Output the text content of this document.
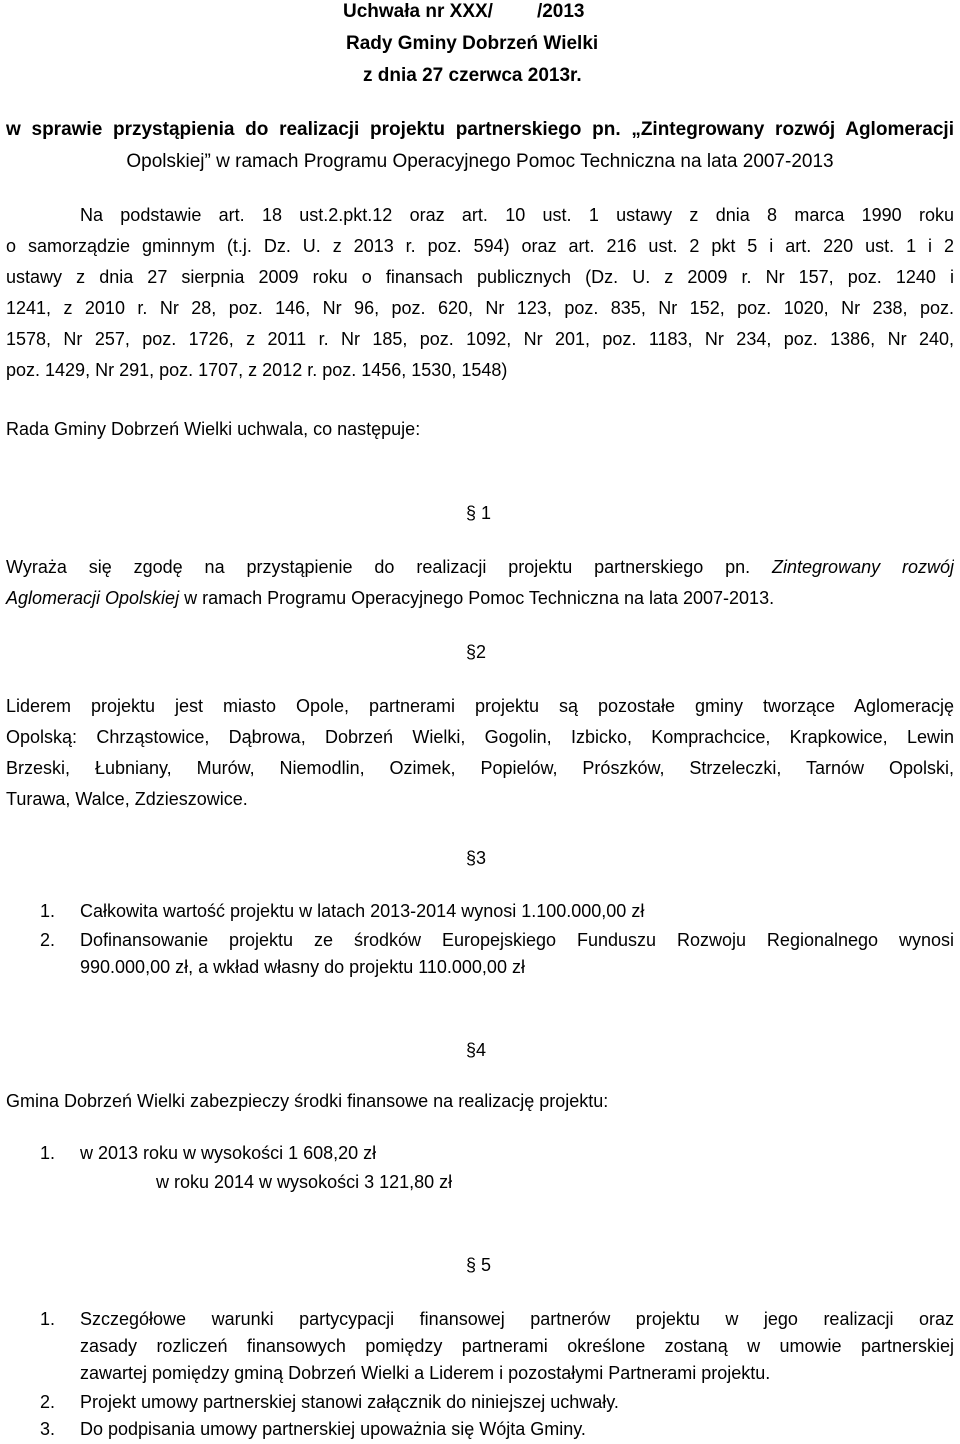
Uchwała nr XXX/ /2013
Rady Gminy Dobrzeń Wielki
z dnia 27 czerwca 2013r.
w sprawie przystąpienia do realizacji projektu partnerskiego pn. „Zintegrowany rozwój Aglomeracji
Opolskiej” w ramach Programu Operacyjnego Pomoc Techniczna na lata 2007-2013
Na podstawie art. 18 ust.2.pkt.12 oraz art. 10 ust. 1 ustawy z dnia 8 marca 1990 roku
o samorządzie gminnym (t.j. Dz. U. z 2013 r. poz. 594) oraz art. 216 ust. 2 pkt 5 i art. 220 ust. 1 i 2
ustawy z dnia 27 sierpnia 2009 roku o finansach publicznych (Dz. U. z 2009 r. Nr 157, poz. 1240 i
1241, z 2010 r. Nr 28, poz. 146, Nr 96, poz. 620, Nr 123, poz. 835, Nr 152, poz. 1020, Nr 238, poz.
1578, Nr 257, poz. 1726, z 2011 r. Nr 185, poz. 1092, Nr 201, poz. 1183, Nr 234, poz. 1386, Nr 240,
poz. 1429, Nr 291, poz. 1707, z 2012 r. poz. 1456, 1530, 1548)
Rada Gminy Dobrzeń Wielki uchwala, co następuje:
§ 1
Wyraża się zgodę na przystąpienie do realizacji projektu partnerskiego pn. Zintegrowany rozwój
Aglomeracji Opolskiej w ramach Programu Operacyjnego Pomoc Techniczna na lata 2007-2013.
§2
Liderem projektu jest miasto Opole, partnerami projektu są pozostałe gminy tworzące Aglomerację
Opolską: Chrząstowice, Dąbrowa, Dobrzeń Wielki, Gogolin, Izbicko, Komprachcice, Krapkowice, Lewin
Brzeski, Łubniany, Murów, Niemodlin, Ozimek, Popielów, Prószków, Strzeleczki, Tarnów Opolski,
Turawa, Walce, Zdzieszowice.
§3
1. Całkowita wartość projektu w latach 2013-2014 wynosi 1.100.000,00 zł
2. Dofinansowanie projektu ze środków Europejskiego Funduszu Rozwoju Regionalnego wynosi
990.000,00 zł, a wkład własny do projektu 110.000,00 zł
§4
Gmina Dobrzeń Wielki zabezpieczy środki finansowe na realizację projektu:
1. w 2013 roku w wysokości 1 608,20 zł
w roku 2014 w wysokości 3 121,80 zł
§ 5
1. Szczegółowe warunki partycypacji finansowej partnerów projektu w jego realizacji oraz
zasady rozliczeń finansowych pomiędzy partnerami określone zostaną w umowie partnerskiej
zawartej pomiędzy gminą Dobrzeń Wielki a Liderem i pozostałymi Partnerami projektu.
2. Projekt umowy partnerskiej stanowi załącznik do niniejszej uchwały.
3. Do podpisania umowy partnerskiej upoważnia się Wójta Gminy.
